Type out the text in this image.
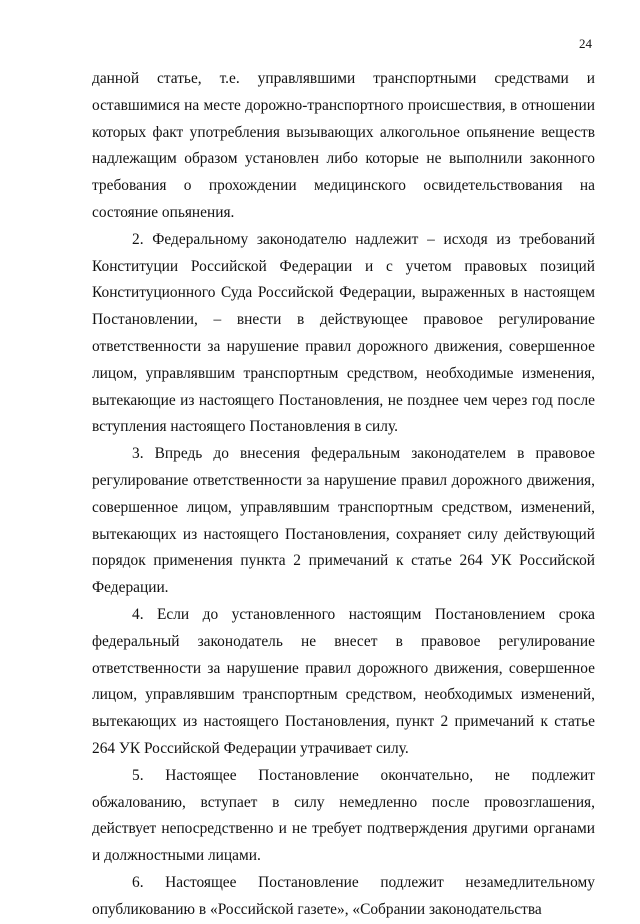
24

данной статье, т.е. управлявшими транспортными средствами и оставшимися на месте дорожно-транспортного происшествия, в отношении которых факт употребления вызывающих алкогольное опьянение веществ надлежащим образом установлен либо которые не выполнили законного требования о прохождении медицинского освидетельствования на состояние опьянения.

2. Федеральному законодателю надлежит – исходя из требований Конституции Российской Федерации и с учетом правовых позиций Конституционного Суда Российской Федерации, выраженных в настоящем Постановлении, – внести в действующее правовое регулирование ответственности за нарушение правил дорожного движения, совершенное лицом, управлявшим транспортным средством, необходимые изменения, вытекающие из настоящего Постановления, не позднее чем через год после вступления настоящего Постановления в силу.

3. Впредь до внесения федеральным законодателем в правовое регулирование ответственности за нарушение правил дорожного движения, совершенное лицом, управлявшим транспортным средством, изменений, вытекающих из настоящего Постановления, сохраняет силу действующий порядок применения пункта 2 примечаний к статье 264 УК Российской Федерации.

4. Если до установленного настоящим Постановлением срока федеральный законодатель не внесет в правовое регулирование ответственности за нарушение правил дорожного движения, совершенное лицом, управлявшим транспортным средством, необходимых изменений, вытекающих из настоящего Постановления, пункт 2 примечаний к статье 264 УК Российской Федерации утрачивает силу.

5. Настоящее Постановление окончательно, не подлежит обжалованию, вступает в силу немедленно после провозглашения, действует непосредственно и не требует подтверждения другими органами и должностными лицами.

6. Настоящее Постановление подлежит незамедлительному опубликованию в «Российской газете», «Собрании законодательства
